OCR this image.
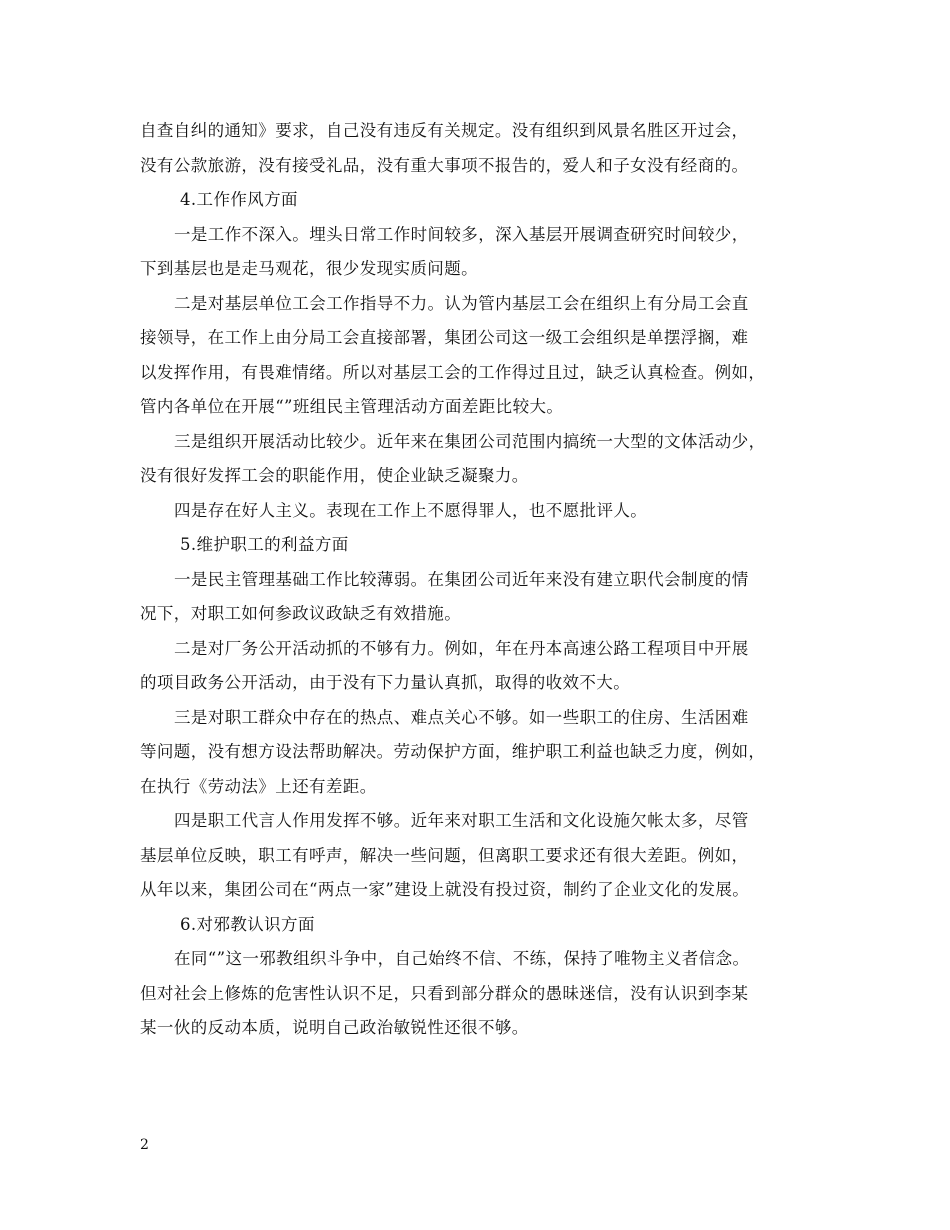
自查自纠的通知》要求，自己没有违反有关规定。没有组织到风景名胜区开过会，
没有公款旅游，没有接受礼品，没有重大事项不报告的，爱人和子女没有经商的。
4.工作作风方面
一是工作不深入。埋头日常工作时间较多，深入基层开展调查研究时间较少，
下到基层也是走马观花，很少发现实质问题。
二是对基层单位工会工作指导不力。认为管内基层工会在组织上有分局工会直
接领导，在工作上由分局工会直接部署，集团公司这一级工会组织是单摆浮搁，难
以发挥作用，有畏难情绪。所以对基层工会的工作得过且过，缺乏认真检查。例如，
管内各单位在开展“”班组民主管理活动方面差距比较大。
三是组织开展活动比较少。近年来在集团公司范围内搞统一大型的文体活动少，
没有很好发挥工会的职能作用，使企业缺乏凝聚力。
四是存在好人主义。表现在工作上不愿得罪人，也不愿批评人。
5.维护职工的利益方面
一是民主管理基础工作比较薄弱。在集团公司近年来没有建立职代会制度的情
况下，对职工如何参政议政缺乏有效措施。
二是对厂务公开活动抓的不够有力。例如，年在丹本高速公路工程项目中开展
的项目政务公开活动，由于没有下力量认真抓，取得的收效不大。
三是对职工群众中存在的热点、难点关心不够。如一些职工的住房、生活困难
等问题，没有想方设法帮助解决。劳动保护方面，维护职工利益也缺乏力度，例如，
在执行《劳动法》上还有差距。
四是职工代言人作用发挥不够。近年来对职工生活和文化设施欠帐太多，尽管
基层单位反映，职工有呼声，解决一些问题，但离职工要求还有很大差距。例如，
从年以来，集团公司在“两点一家”建设上就没有投过资，制约了企业文化的发展。
6.对邪教认识方面
在同“”这一邪教组织斗争中，自己始终不信、不练，保持了唯物主义者信念。
但对社会上修炼的危害性认识不足，只看到部分群众的愚昧迷信，没有认识到李某
某一伙的反动本质，说明自己政治敏锐性还很不够。
2
